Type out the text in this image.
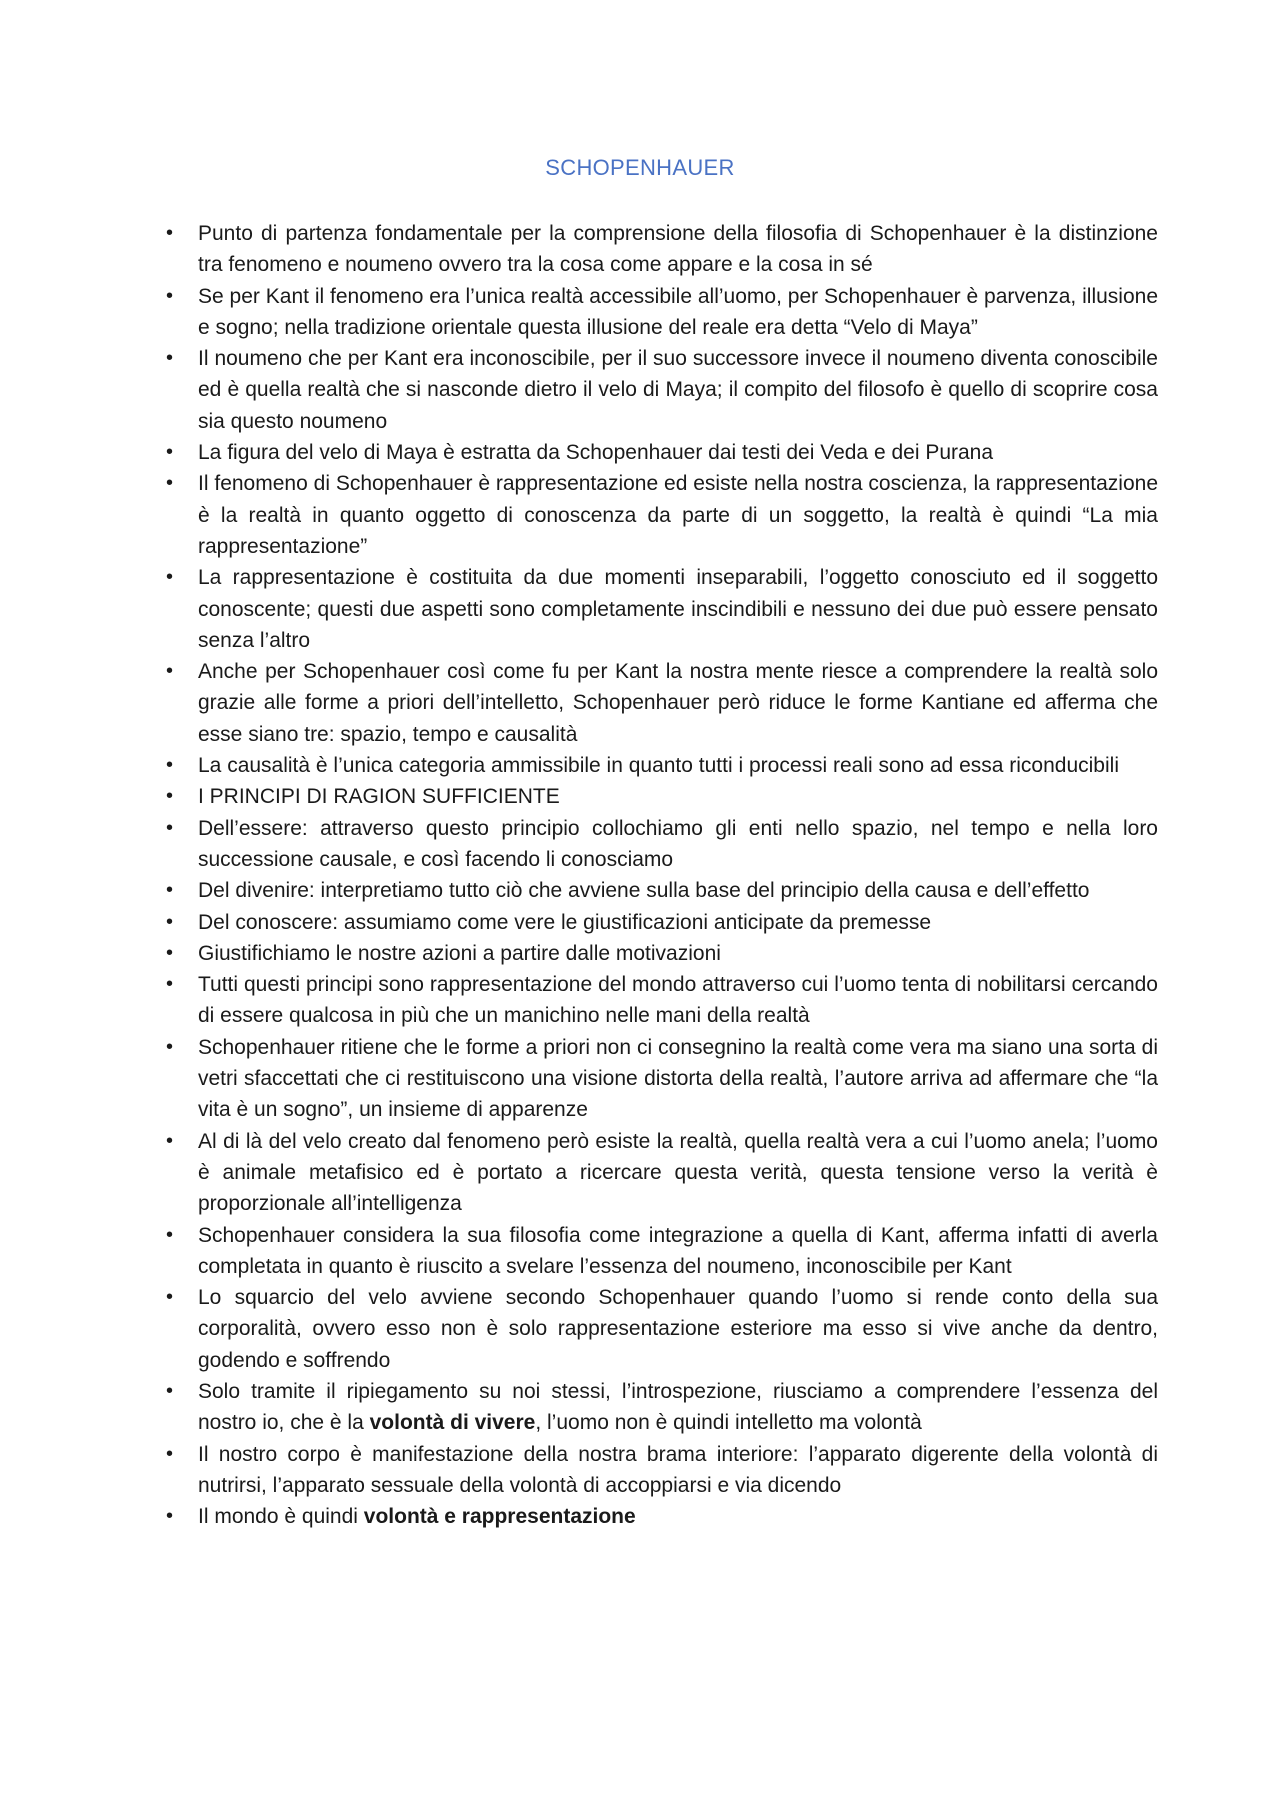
SCHOPENHAUER
• Punto di partenza fondamentale per la comprensione della filosofia di Schopenhauer è la distinzione tra fenomeno e noumeno ovvero tra la cosa come appare e la cosa in sé
• Se per Kant il fenomeno era l’unica realtà accessibile all’uomo, per Schopenhauer è parvenza, illusione e sogno; nella tradizione orientale questa illusione del reale era detta “Velo di Maya”
• Il noumeno che per Kant era inconoscibile, per il suo successore invece il noumeno diventa conoscibile ed è quella realtà che si nasconde dietro il velo di Maya; il compito del filosofo è quello di scoprire cosa sia questo noumeno
• La figura del velo di Maya è estratta da Schopenhauer dai testi dei Veda e dei Purana
• Il fenomeno di Schopenhauer è rappresentazione ed esiste nella nostra coscienza, la rappresentazione è la realtà in quanto oggetto di conoscenza da parte di un soggetto, la realtà è quindi “La mia rappresentazione”
• La rappresentazione è costituita da due momenti inseparabili, l’oggetto conosciuto ed il soggetto conoscente; questi due aspetti sono completamente inscindibili e nessuno dei due può essere pensato senza l’altro
• Anche per Schopenhauer così come fu per Kant la nostra mente riesce a comprendere la realtà solo grazie alle forme a priori dell’intelletto, Schopenhauer però riduce le forme Kantiane ed afferma che esse siano tre: spazio, tempo e causalità
• La causalità è l’unica categoria ammissibile in quanto tutti i processi reali sono ad essa riconducibili
• I PRINCIPI DI RAGION SUFFICIENTE
• Dell’essere: attraverso questo principio collochiamo gli enti nello spazio, nel tempo e nella loro successione causale, e così facendo li conosciamo
• Del divenire: interpretiamo tutto ciò che avviene sulla base del principio della causa e dell’effetto
• Del conoscere: assumiamo come vere le giustificazioni anticipate da premesse
• Giustifichiamo le nostre azioni a partire dalle motivazioni
• Tutti questi principi sono rappresentazione del mondo attraverso cui l’uomo tenta di nobilitarsi cercando di essere qualcosa in più che un manichino nelle mani della realtà
• Schopenhauer ritiene che le forme a priori non ci consegnino la realtà come vera ma siano una sorta di vetri sfaccettati che ci restituiscono una visione distorta della realtà, l’autore arriva ad affermare che “la vita è un sogno”, un insieme di apparenze
• Al di là del velo creato dal fenomeno però esiste la realtà, quella realtà vera a cui l’uomo anela; l’uomo è animale metafisico ed è portato a ricercare questa verità, questa tensione verso la verità è proporzionale all’intelligenza
• Schopenhauer considera la sua filosofia come integrazione a quella di Kant, afferma infatti di averla completata in quanto è riuscito a svelare l’essenza del noumeno, inconoscibile per Kant
• Lo squarcio del velo avviene secondo Schopenhauer quando l’uomo si rende conto della sua corporalità, ovvero esso non è solo rappresentazione esteriore ma esso si vive anche da dentro, godendo e soffrendo
• Solo tramite il ripiegamento su noi stessi, l’introspezione, riusciamo a comprendere l’essenza del nostro io, che è la volontà di vivere, l’uomo non è quindi intelletto ma volontà
• Il nostro corpo è manifestazione della nostra brama interiore: l’apparato digerente della volontà di nutrirsi, l’apparato sessuale della volontà di accoppiarsi e via dicendo
• Il mondo è quindi volontà e rappresentazione
